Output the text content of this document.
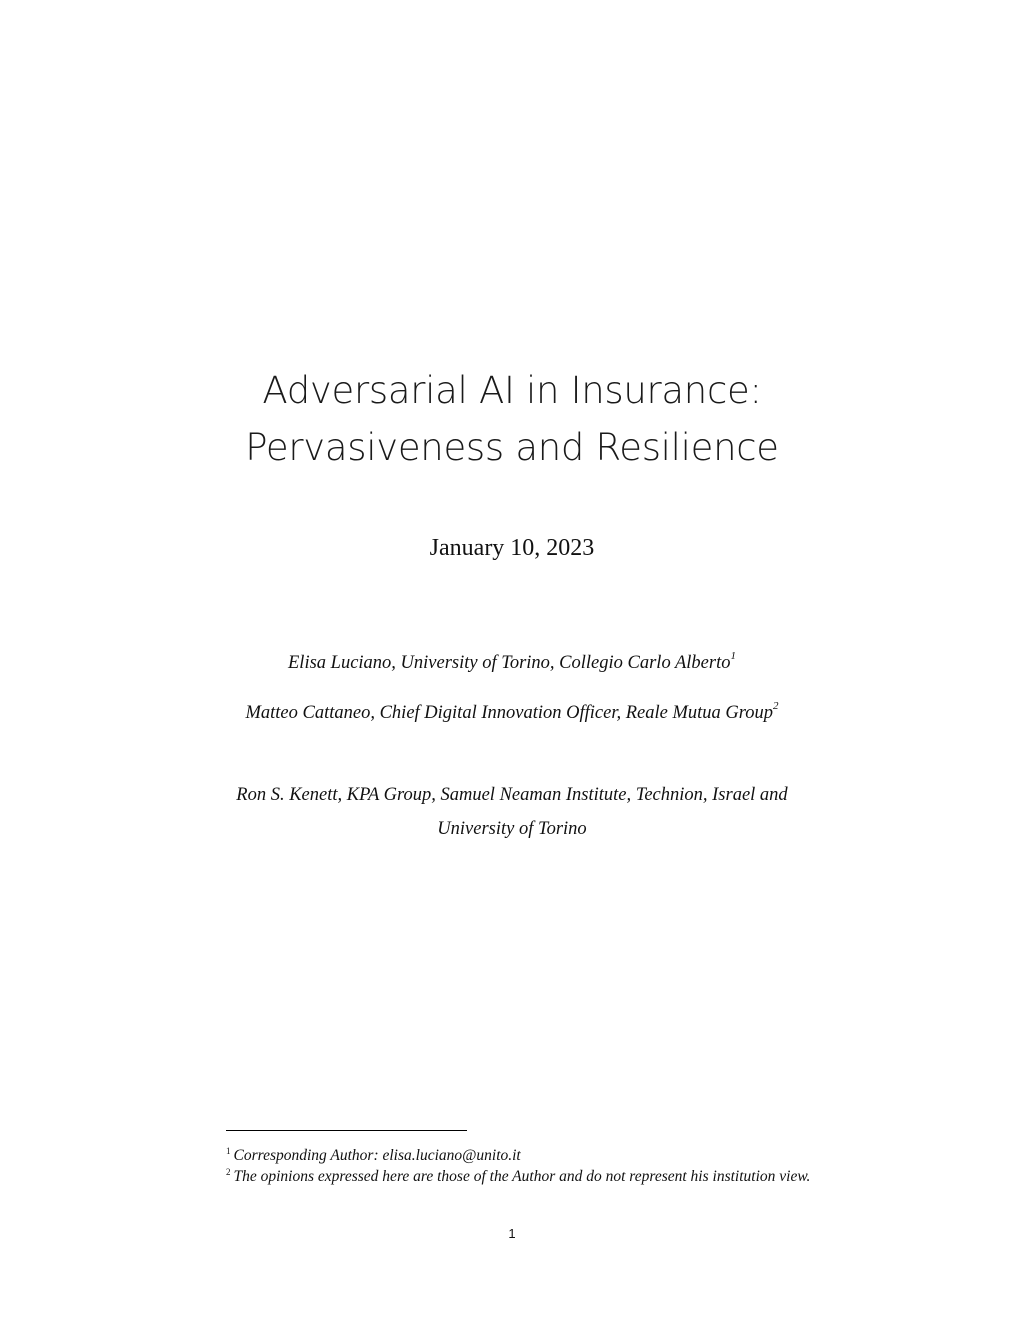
Adversarial AI in Insurance:
Pervasiveness and Resilience
January 10, 2023
Elisa Luciano, University of Torino, Collegio Carlo Alberto$^1$
Matteo Cattaneo, Chief Digital Innovation Officer, Reale Mutua Group$^2$
Ron S. Kenett, KPA Group, Samuel Neaman Institute, Technion, Israel and University of Torino
$^1$ Corresponding Author: elisa.luciano@unito.it
$^2$ The opinions expressed here are those of the Author and do not represent his institution view.
1
